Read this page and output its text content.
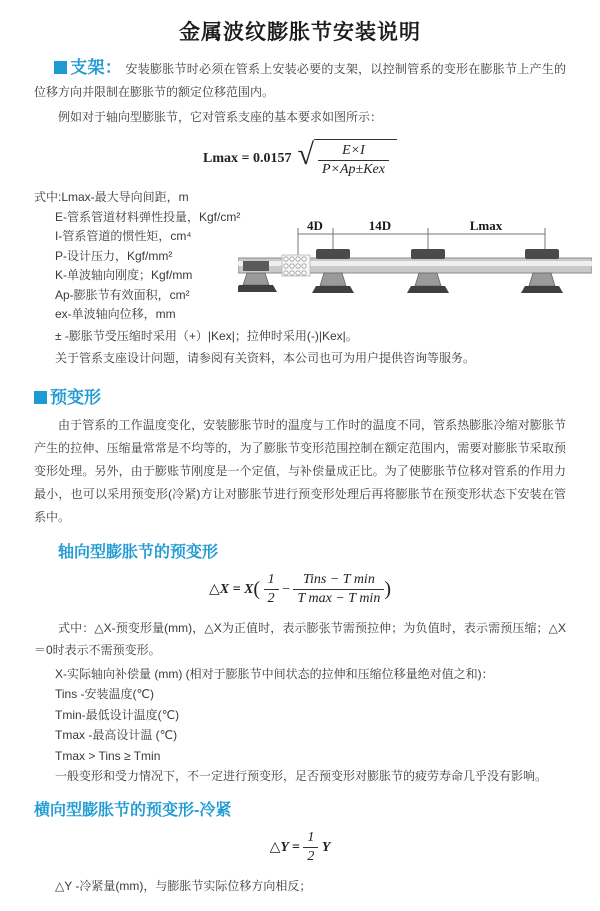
金属波纹膨胀节安装说明

支架： 安装膨胀节时必须在管系上安装必要的支架，以控制管系的变形在膨胀节上产生的位移方向并限制在膨胀节的额定位移范围内。

例如对于轴向型膨胀节，它对管系支座的基本要求如图所示：

Lmax = 0.0157 √ $\frac{E\times I}{\text{P×Ap±Kex}}$
式中:Lmax-最大导向间距，m
E-管系管道材料弹性投量，Kgf/cm²
I-管系管道的惯性矩，cm⁴
P-设计压力，Kgf/mm²
K-单波轴向刚度；Kgf/mm
Ap-膨胀节有效面积，cm²
ex-单波轴向位移，mm
± -膨胀节受压缩时采用（+）|Kex|；拉伸时采用(-)|Kex|。
关于管系支座设计问题，请参阅有关资料，本公司也可为用户提供咨询等服务。
4D	14D	Lmax
预变形

由于管系的工作温度变化，安装膨胀节时的温度与工作时的温度不同，管系热膨胀冷缩对膨胀节产生的拉伸、压缩量常常是不均等的，为了膨胀节变形范围控制在额定范围内，需要对膨胀节采取预变形处理。另外，由于膨账节刚度是一个定值，与补偿量成正比。为了使膨胀节位移对管系的作用力最小，也可以采用预变形(冷紧)方让对膨胀节进行预变形处理后再将膨胀节在预变形状态下安装在管系中。

轴向型膨胀节的预变形
△X = $X( \frac{1}{2} - \frac{\text{Tins − T min}}{\text{T max − T min}}$ )

式中：△X-预变形量(mm)，△X为正值时，表示膨张节需预拉伸；为负值时，表示需预压缩；△X＝0时表示不需预变形。

X-实际轴向补偿量 (mm) (相对于膨胀节中间状态的拉伸和压缩位移量绝对值之和)：
Tins -安装温度(℃)
Tmin-最低设计温度(℃)
Tmax -最高设计温 (℃)
Tmax > Tins ≥ Tmin
一般变形和受力情况下，不一定进行预变形，足否预变形对膨胀节的疲劳寿命几乎没有影响。
横向型膨胀节的预变形-冷紧
△Y = $\frac{1}{2}$ Y
△Y -冷紧量(mm)，与膨胀节实际位移方向相反；
